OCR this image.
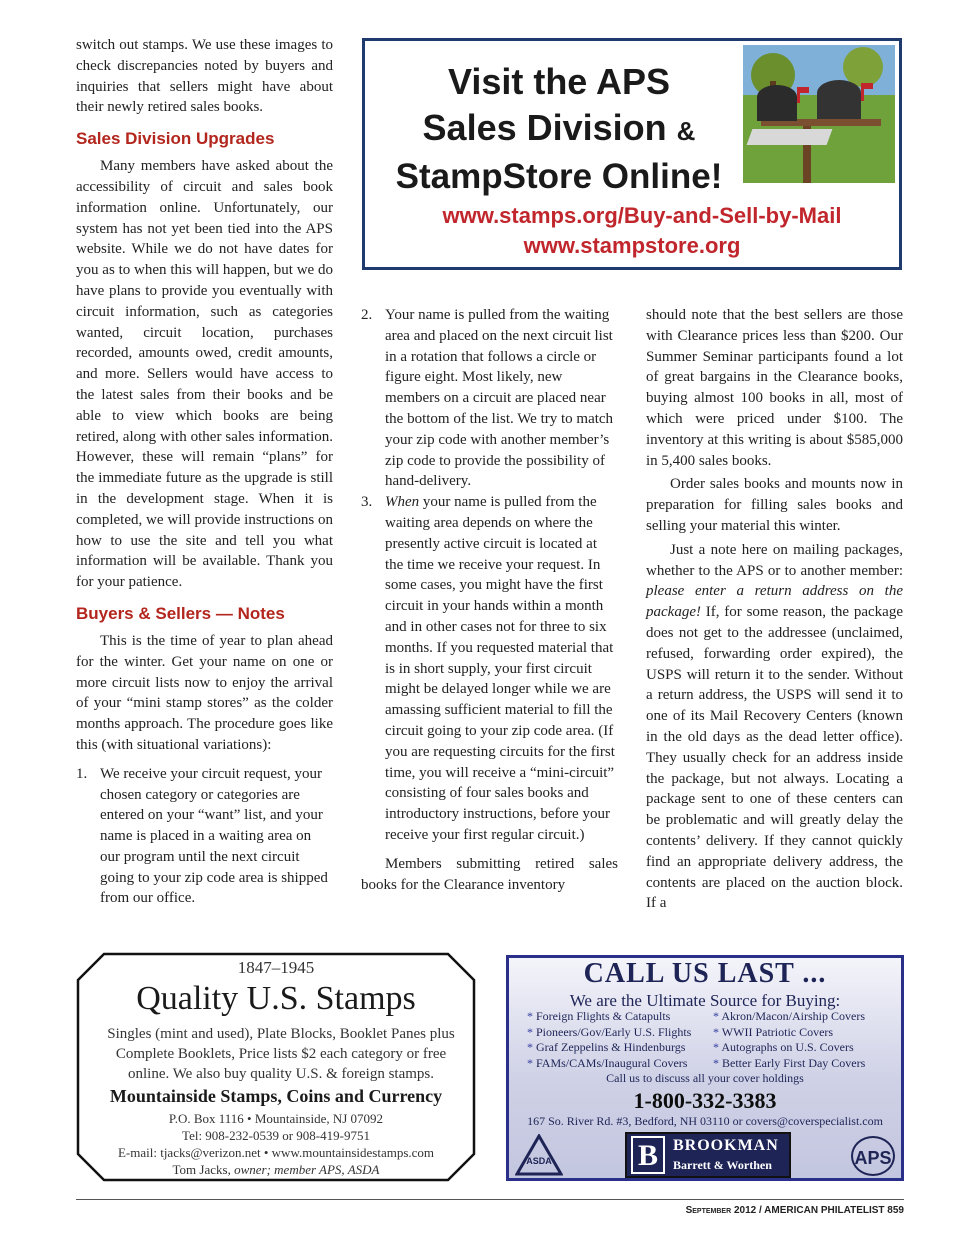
switch out stamps. We use these images to check discrepancies noted by buyers and inquiries that sellers might have about their newly retired sales books.

Sales Division Upgrades

Many members have asked about the accessibility of circuit and sales book information online. Unfortunately, our system has not yet been tied into the APS website. While we do not have dates for you as to when this will happen, but we do have plans to provide you eventually with circuit information, such as categories wanted, circuit location, purchases recorded, amounts owed, credit amounts, and more. Sellers would have access to the latest sales from their books and be able to view which books are being retired, along with other sales information. However, these will remain “plans” for the immediate future as the upgrade is still in the development stage. When it is completed, we will provide instructions on how to use the site and tell you what information will be available. Thank you for your patience.

Buyers & Sellers — Notes

This is the time of year to plan ahead for the winter. Get your name on one or more circuit lists now to enjoy the arrival of your “mini stamp stores” as the colder months approach. The procedure goes like this (with situational variations):

1. We receive your circuit request, your chosen category or categories are entered on your “want” list, and your name is placed in a waiting area on our program until the next circuit going to your zip code area is shipped from our office.
2. Your name is pulled from the waiting area and placed on the next circuit list in a rotation that follows a circle or figure eight. Most likely, new members on a circuit are placed near the bottom of the list. We try to match your zip code with another member’s zip code to provide the possibility of hand-delivery.
3. When your name is pulled from the waiting area depends on where the presently active circuit is located at the time we receive your request. In some cases, you might have the first circuit in your hands within a month and in other cases not for three to six months. If you requested material that is in short supply, your first circuit might be delayed longer while we are amassing sufficient material to fill the circuit going to your zip code area. (If you are requesting circuits for the first time, you will receive a “mini-circuit” consisting of four sales books and introductory instructions, before your receive your first regular circuit.)

Members submitting retired sales books for the Clearance inventory

should note that the best sellers are those with Clearance prices less than $200. Our Summer Seminar participants found a lot of great bargains in the Clearance books, buying almost 100 books in all, most of which were priced under $100. The inventory at this writing is about $585,000 in 5,400 sales books.

Order sales books and mounts now in preparation for filling sales books and selling your material this winter.

Just a note here on mailing packages, whether to the APS or to another member: please enter a return address on the package! If, for some reason, the package does not get to the addressee (unclaimed, refused, forwarding order expired), the USPS will return it to the sender. Without a return address, the USPS will send it to one of its Mail Recovery Centers (known in the old days as the dead letter office). They usually check for an address inside the package, but not always. Locating a package sent to one of these centers can be problematic and will greatly delay the contents’ delivery. If they cannot quickly find an appropriate delivery address, the contents are placed on the auction block. If a

Visit the APS
Sales Division &
StampStore Online!
www.stamps.org/Buy-and-Sell-by-Mail
www.stampstore.org
1847–1945
Quality U.S. Stamps
Singles (mint and used), Plate Blocks, Booklet Panes plus Complete Booklets, Price lists $2 each category or free online. We also buy quality U.S. & foreign stamps.
Mountainside Stamps, Coins and Currency
P.O. Box 1116 • Mountainside, NJ 07092
Tel: 908-232-0539 or 908-419-9751
E-mail: tjacks@verizon.net • www.mountainsidestamps.com
Tom Jacks, owner; member APS, ASDA
CALL US LAST ...
We are the Ultimate Source for Buying:
* Foreign Flights & Catapults
* Pioneers/Gov/Early U.S. Flights
* Graf Zeppelins & Hindenburgs
* FAMs/CAMs/Inaugural Covers
* Akron/Macon/Airship Covers
* WWII Patriotic Covers
* Autographs on U.S. Covers
* Better Early First Day Covers
Call us to discuss all your cover holdings
1-800-332-3383
167 So. River Rd. #3, Bedford, NH 03110 or covers@coverspecialist.com
ASDA	B BROOKMAN
Barrett & Worthen	APS
September 2012 / AMERICAN PHILATELIST 859
